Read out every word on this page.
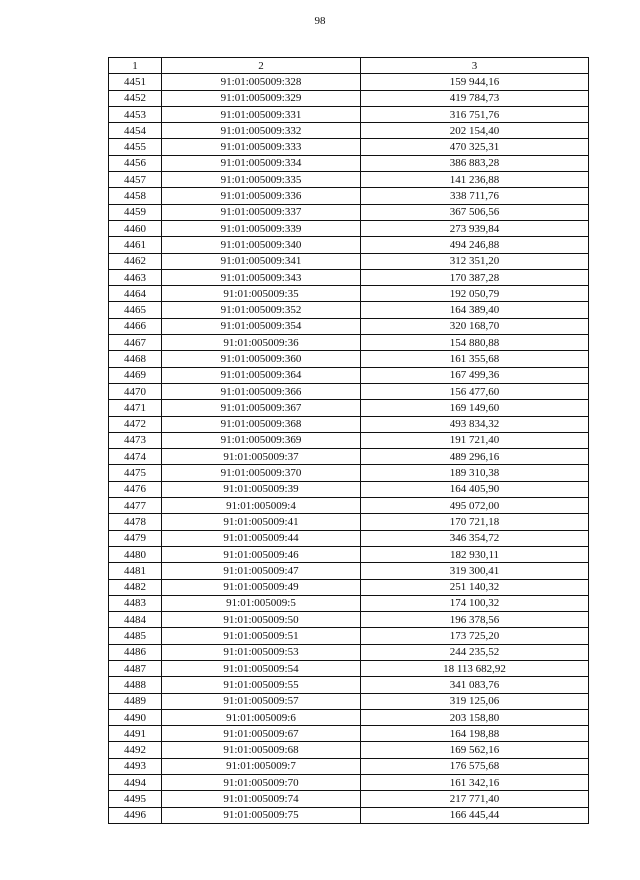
98
1	2	3
4451	91:01:005009:328	159 944,16
4452	91:01:005009:329	419 784,73
4453	91:01:005009:331	316 751,76
4454	91:01:005009:332	202 154,40
4455	91:01:005009:333	470 325,31
4456	91:01:005009:334	386 883,28
4457	91:01:005009:335	141 236,88
4458	91:01:005009:336	338 711,76
4459	91:01:005009:337	367 506,56
4460	91:01:005009:339	273 939,84
4461	91:01:005009:340	494 246,88
4462	91:01:005009:341	312 351,20
4463	91:01:005009:343	170 387,28
4464	91:01:005009:35	192 050,79
4465	91:01:005009:352	164 389,40
4466	91:01:005009:354	320 168,70
4467	91:01:005009:36	154 880,88
4468	91:01:005009:360	161 355,68
4469	91:01:005009:364	167 499,36
4470	91:01:005009:366	156 477,60
4471	91:01:005009:367	169 149,60
4472	91:01:005009:368	493 834,32
4473	91:01:005009:369	191 721,40
4474	91:01:005009:37	489 296,16
4475	91:01:005009:370	189 310,38
4476	91:01:005009:39	164 405,90
4477	91:01:005009:4	495 072,00
4478	91:01:005009:41	170 721,18
4479	91:01:005009:44	346 354,72
4480	91:01:005009:46	182 930,11
4481	91:01:005009:47	319 300,41
4482	91:01:005009:49	251 140,32
4483	91:01:005009:5	174 100,32
4484	91:01:005009:50	196 378,56
4485	91:01:005009:51	173 725,20
4486	91:01:005009:53	244 235,52
4487	91:01:005009:54	18 113 682,92
4488	91:01:005009:55	341 083,76
4489	91:01:005009:57	319 125,06
4490	91:01:005009:6	203 158,80
4491	91:01:005009:67	164 198,88
4492	91:01:005009:68	169 562,16
4493	91:01:005009:7	176 575,68
4494	91:01:005009:70	161 342,16
4495	91:01:005009:74	217 771,40
4496	91:01:005009:75	166 445,44
